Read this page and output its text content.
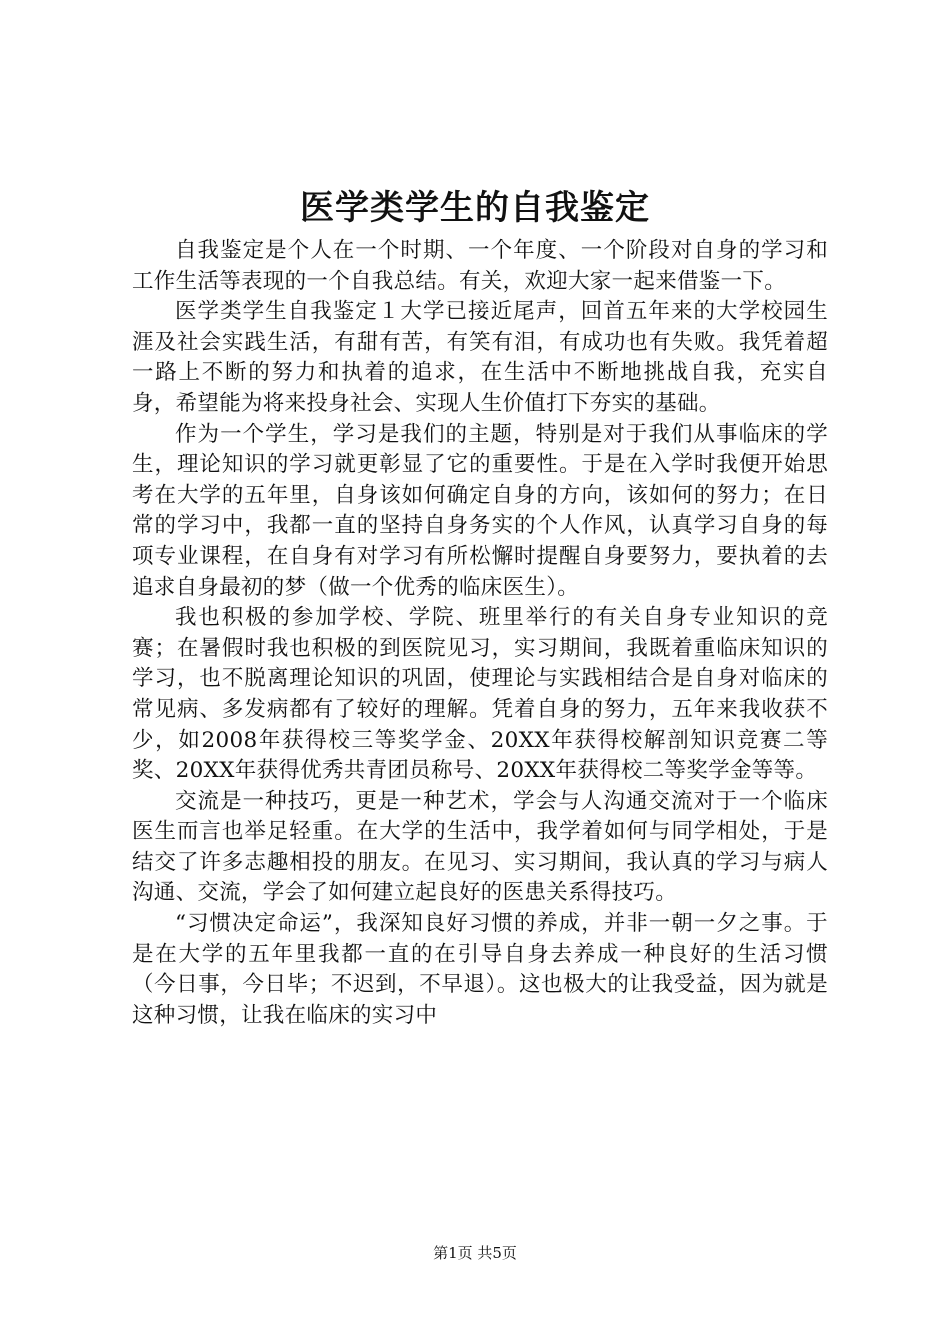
医学类学生的自我鉴定

自我鉴定是个人在一个时期、一个年度、一个阶段对自身的学习和工作生活等表现的一个自我总结。有关，欢迎大家一起来借鉴一下。

医学类学生自我鉴定１大学已接近尾声，回首五年来的大学校园生涯及社会实践生活，有甜有苦，有笑有泪，有成功也有失败。我凭着超一路上不断的努力和执着的追求，在生活中不断地挑战自我，充实自身，希望能为将来投身社会、实现人生价值打下夯实的基础。

作为一个学生，学习是我们的主题，特别是对于我们从事临床的学生，理论知识的学习就更彰显了它的重要性。于是在入学时我便开始思考在大学的五年里，自身该如何确定自身的方向，该如何的努力；在日常的学习中，我都一直的坚持自身务实的个人作风，认真学习自身的每项专业课程，在自身有对学习有所松懈时提醒自身要努力，要执着的去追求自身最初的梦（做一个优秀的临床医生）。

我也积极的参加学校、学院、班里举行的有关自身专业知识的竞赛；在暑假时我也积极的到医院见习，实习期间，我既着重临床知识的学习，也不脱离理论知识的巩固，使理论与实践相结合是自身对临床的常见病、多发病都有了较好的理解。凭着自身的努力，五年来我收获不少，如2008年获得校三等奖学金、20XX年获得校解剖知识竞赛二等奖、20XX年获得优秀共青团员称号、20XX年获得校二等奖学金等等。

交流是一种技巧，更是一种艺术，学会与人沟通交流对于一个临床医生而言也举足轻重。在大学的生活中，我学着如何与同学相处，于是结交了许多志趣相投的朋友。在见习、实习期间，我认真的学习与病人沟通、交流，学会了如何建立起良好的医患关系得技巧。

“习惯决定命运”，我深知良好习惯的养成，并非一朝一夕之事。于是在大学的五年里我都一直的在引导自身去养成一种良好的生活习惯（今日事，今日毕；不迟到，不早退）。这也极大的让我受益，因为就是这种习惯，让我在临床的实习中

第1页 共5页
